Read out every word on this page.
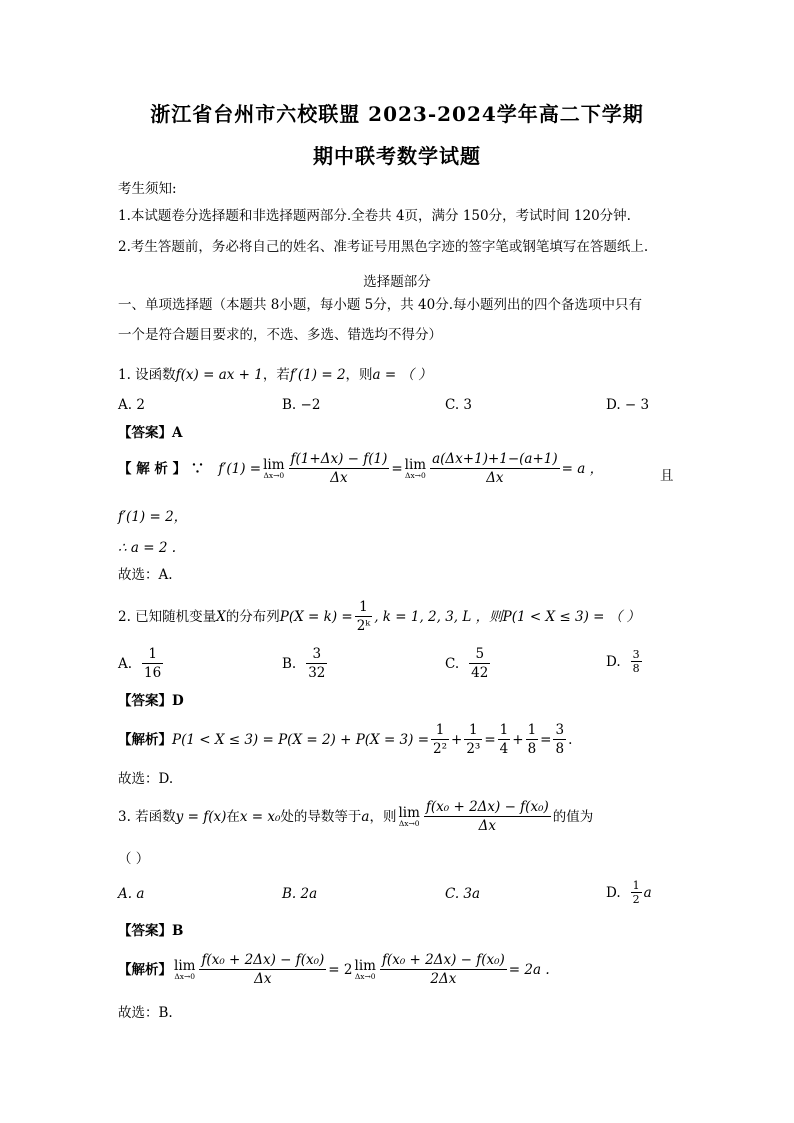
浙江省台州市六校联盟 2023-2024学年高二下学期
期中联考数学试题
考生须知:
1.本试题卷分选择题和非选择题两部分.全卷共 4页，满分 150分，考试时间 120分钟.
2.考生答题前，务必将自己的姓名、准考证号用黑色字迹的签字笔或钢笔填写在答题纸上.
选择题部分
一、单项选择题（本题共 8小题，每小题 5分，共 40分.每小题列出的四个备选项中只有
一个是符合题目要求的，不选、多选、错选均不得分）
1. 设函数f(x) = ax + 1，若f′(1) = 2，则a = （ ）
A. 2	B. −2	C. 3	D. − 3
【答案】A
【 解 析 】 ∵ f′(1) = lim
$\Delta x\to 0 \frac{f(1+\Delta x) - f(1)}{\Delta x} = \lim$
$\Delta x\to 0 \frac{a(\Delta x+1)+1-(a+1)}{\Delta x} = a$ ，	且
f′(1) = 2，
∴ a = 2 .
故选：A.
2. 已知随机变量 X 的分布列 $P(X = k) = \frac{1}{\text{2ᵏ}}$ , k = 1, 2, 3, L ，则 P(1 < X ≤ 3) = （ ）
A. $\frac{1}{16}$	B. $\frac{3}{32}$	C. $\frac{5}{42}$	D. $\frac{3}{8}$
【答案】D
【解析】 $P(1 < X \le 3) = P(X = 2) + P(X = 3) = \frac{1}{\text{2²}} + \frac{1}{\text{2³}} = \frac{1}{4} + \frac{1}{8} = \frac{3}{8}$ .
故选：D.
3. 若函数 y = f(x) 在 x = x₀ 处的导数等于 a ，则 lim
$\Delta x\to 0 \frac{\text{f(x₀ + 2Δx) − f(x₀)}}{\Delta x}$ 的值为
（ ）
A. a	B. 2a	C. 3a	D. $\frac{1}{2}$ a
【答案】B
【解析】 lim
$\Delta x\to 0 \frac{\text{f(x₀ + 2Δx) − f(x₀)}}{\Delta x} = 2$ lim
$\Delta x\to 0 \frac{\text{f(x₀ + 2Δx) − f(x₀)}}{2\Delta x} = 2a$ .
故选：B.
